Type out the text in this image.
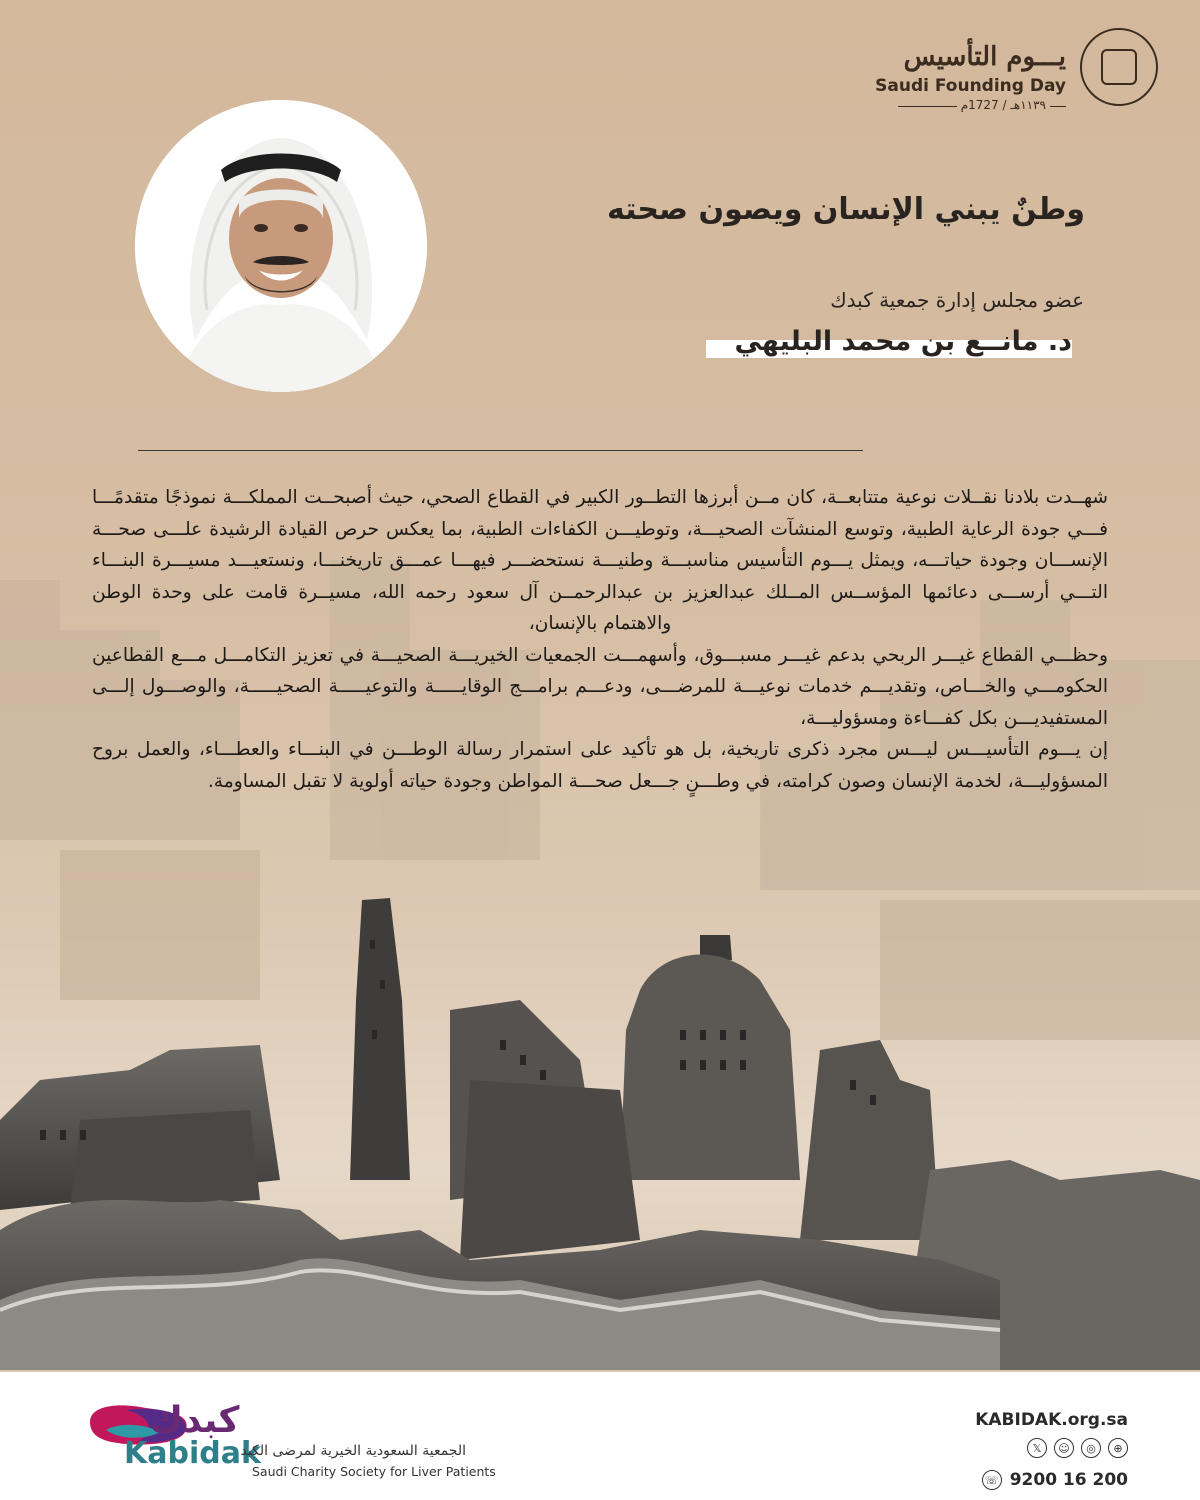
يـــوم التأسيس
Saudi Founding Day
١١٣٩هـ / 1727م
وطنٌ يبني الإنسان ويصون صحته
عضو مجلس إدارة جمعية كبدك
د. مانــع بن محمد البليهي

شهــدت بلادنا نقــلات نوعية متتابعــة، كان مــن أبرزها التطــور الكبير في القطاع الصحي، حيث أصبحــت المملكـــة نموذجًا متقدمًـــا فـــي جودة الرعاية الطبية، وتوسع المنشآت الصحيـــة، وتوطيـــن الكفاءات الطبية، بما يعكس حرص القيادة الرشيدة علـــى صحـــة الإنســـان وجودة حياتـــه، ويمثل يـــوم التأسيس مناسبـــة وطنيـــة نستحضـــر فيهـــا عمـــق تاريخنـــا، ونستعيـــد مسيـــرة البنـــاء التـــي أرســـى دعائمها المؤســس المــلك عبدالعزيز بن عبدالرحمــن آل سعود رحمه الله، مسيــرة قامت على وحدة الوطن والاهتمام بالإنسان،

وحظـــي القطاع غيـــر الربحي بدعم غيـــر مسبـــوق، وأسهمـــت الجمعيات الخيريـــة الصحيـــة في تعزيز التكامـــل مـــع القطاعين الحكومـــي والخـــاص، وتقديـــم خدمات نوعيـــة للمرضـــى، ودعـــم برامـــج الوقايـــــة والتوعيـــــة الصحيـــــة، والوصـــول إلـــى المستفيديـــن بكل كفـــاءة ومسؤوليـــة،

إن يـــوم التأسيـــس ليـــس مجرد ذكرى تاريخية، بل هو تأكيد على استمرار رسالة الوطـــن في البنـــاء والعطـــاء، والعمل بروح المسؤوليـــة، لخدمة الإنسان وصون كرامته، في وطـــنٍ جـــعل صحـــة المواطن وجودة حياته أولوية لا تقبل المساومة.

كبدك
Kabidak
الجمعية السعودية الخيرية لمرضى الكبد
Saudi Charity Society for Liver Patients
KABIDAK.org.sa
𝕏	☺	◎	⊕
☏ 9200 16 200
